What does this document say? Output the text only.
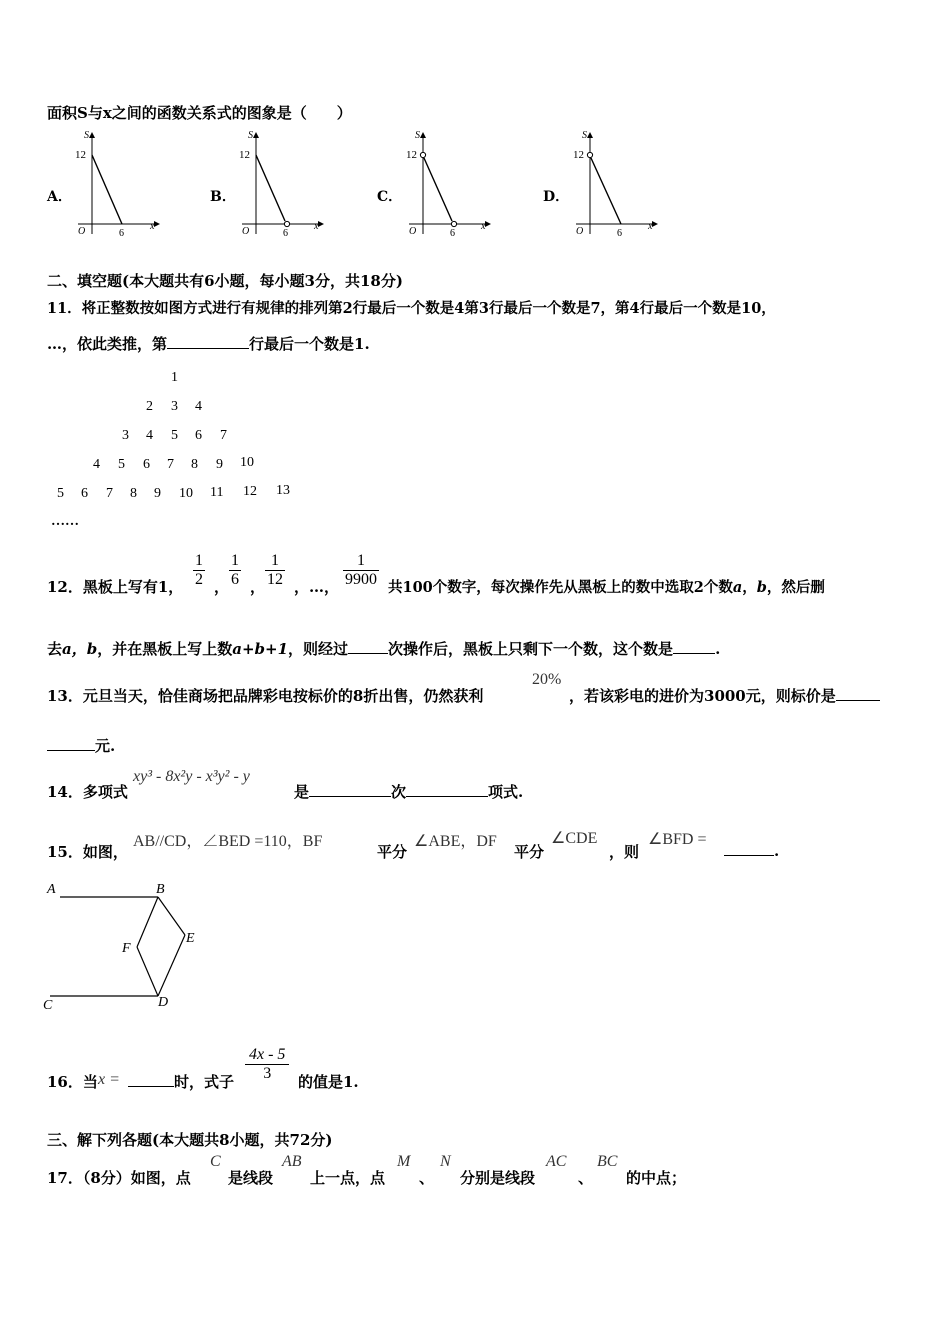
面积S与x之间的函数关系式的图象是（　　）
A．
S
12
O	6
x
B．
S
12
O	6
x
C．
S
12
O	6
x
D．
S
12
O	6
x
二、填空题(本大题共有6小题，每小题3分，共18分)
11．将正整数按如图方式进行有规律的排列第2行最后一个数是4第3行最后一个数是7，第4行最后一个数是10，
…，依此类推，第	行最后一个数是1.
1
2 3 4
3 4 5 6 7
4 5 6 7 8 9 10
5 6 7 8 9 10 11 12 13
……
12．黑板上写有1， $\frac{1}{2}$ ， $\frac{1}{6}$ ， $\frac{1}{12}$ ，…， $\frac{1}{9900}$ 共100个数字，每次操作先从黑板上的数中选取2个数a，b，然后删
去a，b，并在黑板上写上数a+b+1，则经过	次操作后，黑板上只剩下一个数，这个数是	.
13．元旦当天，恰佳商场把品牌彩电按标价的8折出售，仍然获利
20%
，若该彩电的进价为3000元，则标价是
元.
14．多项式
xy³ - 8x²y - x³y² - y
是	次	项式.
15．如图，
AB//CD，∠BED =110，BF
平分
∠ABE，DF
平分
∠CDE
，则
∠BFD =
.
A	B
C	D
E
F
16．当 x =	时，式子 $\frac{4x - 5}{3}$ 的值是1.
三、解下列各题(本大题共8小题，共72分)
17．（8分）如图，点
C
是线段
AB
上一点，点
M
、
N
分别是线段
AC
、
BC
的中点；
